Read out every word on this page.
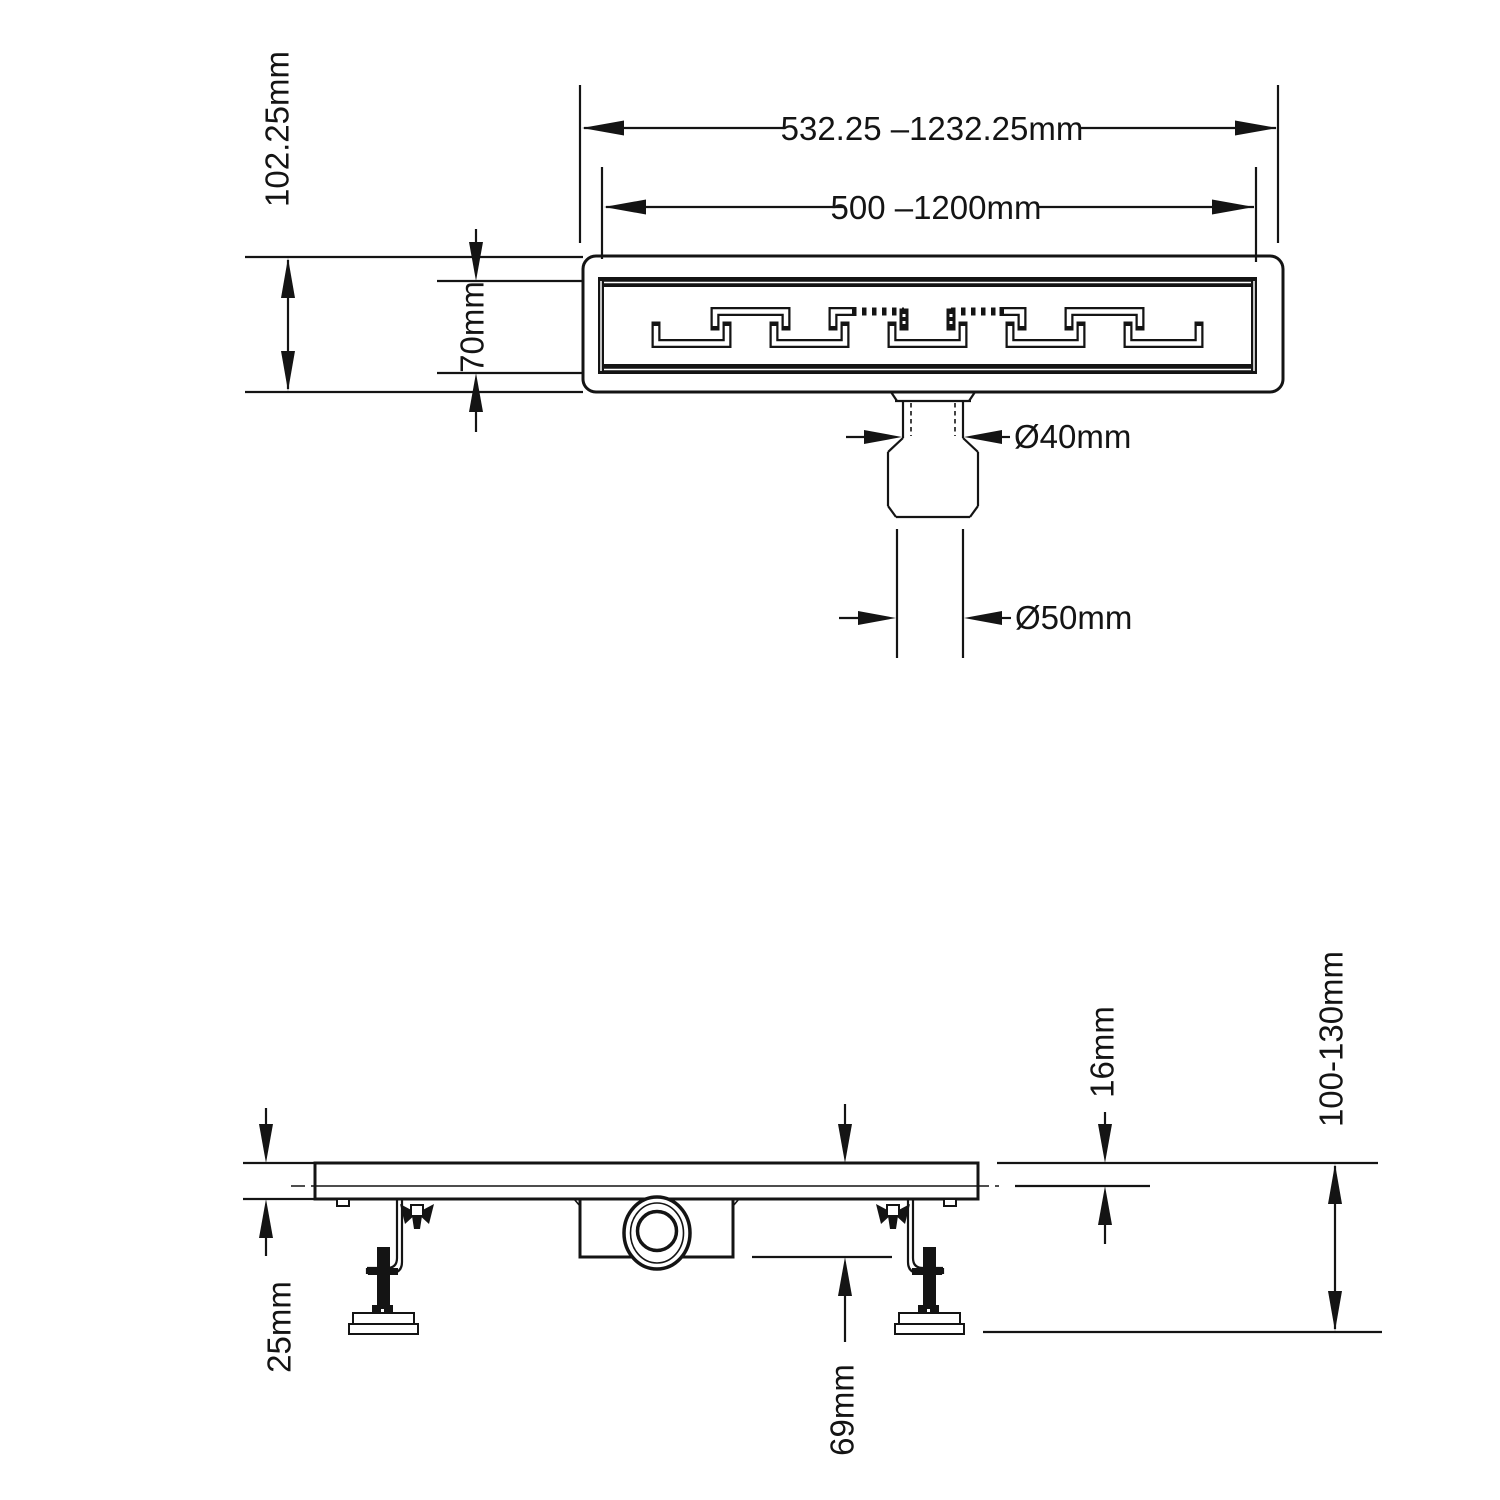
532.25 –1232.25mm
500 –1200mm
102.25mm
70mm
Ø40mm
Ø50mm
25mm
69mm
16mm	100-130mm
